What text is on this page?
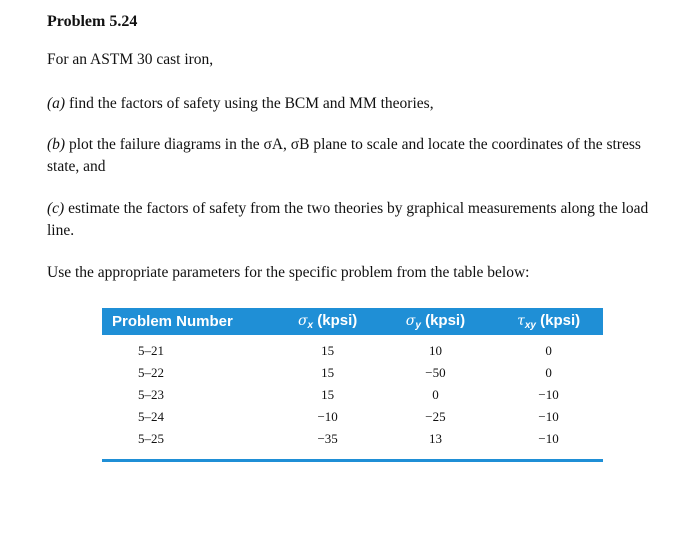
Problem 5.24
For an ASTM 30 cast iron,
(a) find the factors of safety using the BCM and MM theories,
(b) plot the failure diagrams in the σA, σB plane to scale and locate the coordinates of the stress state, and
(c) estimate the factors of safety from the two theories by graphical measurements along the load line.
Use the appropriate parameters for the specific problem from the table below:
Problem Number	$\sigma_x$ (kpsi)	$\sigma_y$ (kpsi)	$\tau_{xy}$ (kpsi)
5–21	15	10	0
5–22	15	−50	0
5–23	15	0	−10
5–24	−10	−25	−10
5–25	−35	13	−10
